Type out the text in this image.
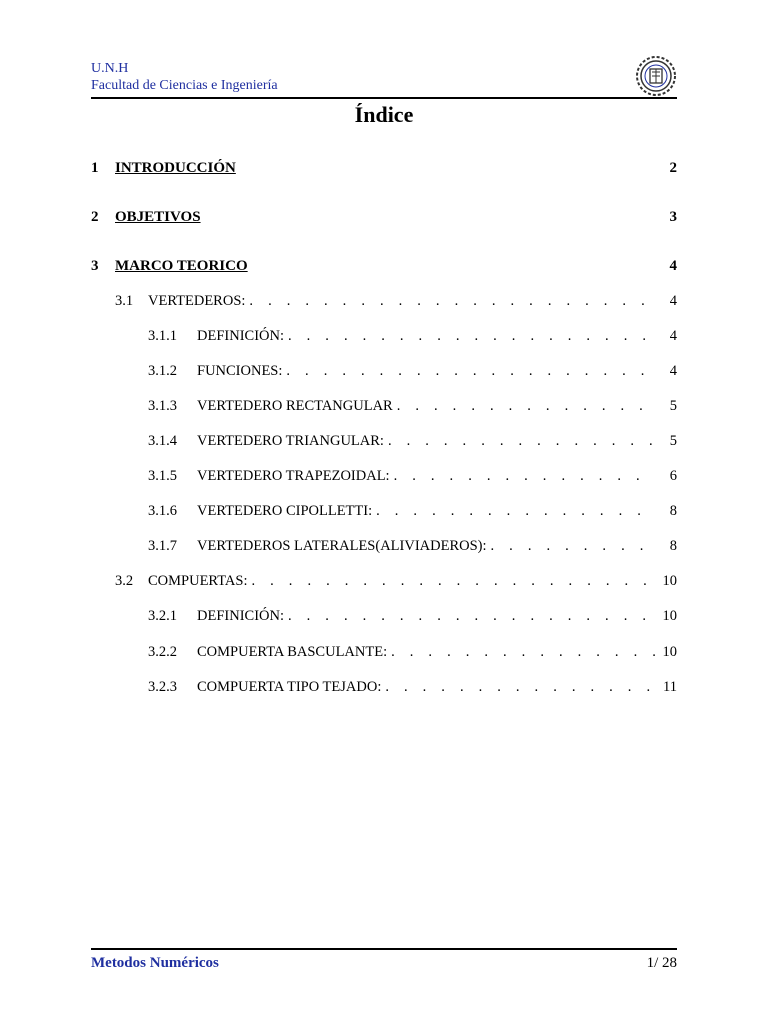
U.N.H
Facultad de Ciencias e Ingeniería
Índice
1 INTRODUCCIÓN	2
2 OBJETIVOS	3
3 MARCO TEORICO	4
3.1 VERTEDEROS: . . .	4
3.1.1 DEFINICIÓN: . . .	4
3.1.2 FUNCIONES: . . .	4
3.1.3 VERTEDERO RECTANGULAR . . .	5
3.1.4 VERTEDERO TRIANGULAR: . . .	5
3.1.5 VERTEDERO TRAPEZOIDAL: . . .	6
3.1.6 VERTEDERO CIPOLLETTI: . . .	8
3.1.7 VERTEDEROS LATERALES(ALIVIADEROS): . . .	8
3.2 COMPUERTAS: . . .	10
3.2.1 DEFINICIÓN: . . .	10
3.2.2 COMPUERTA BASCULANTE: . . .	10
3.2.3 COMPUERTA TIPO TEJADO: . . .	11
Metodos Numéricos	1/ 28
